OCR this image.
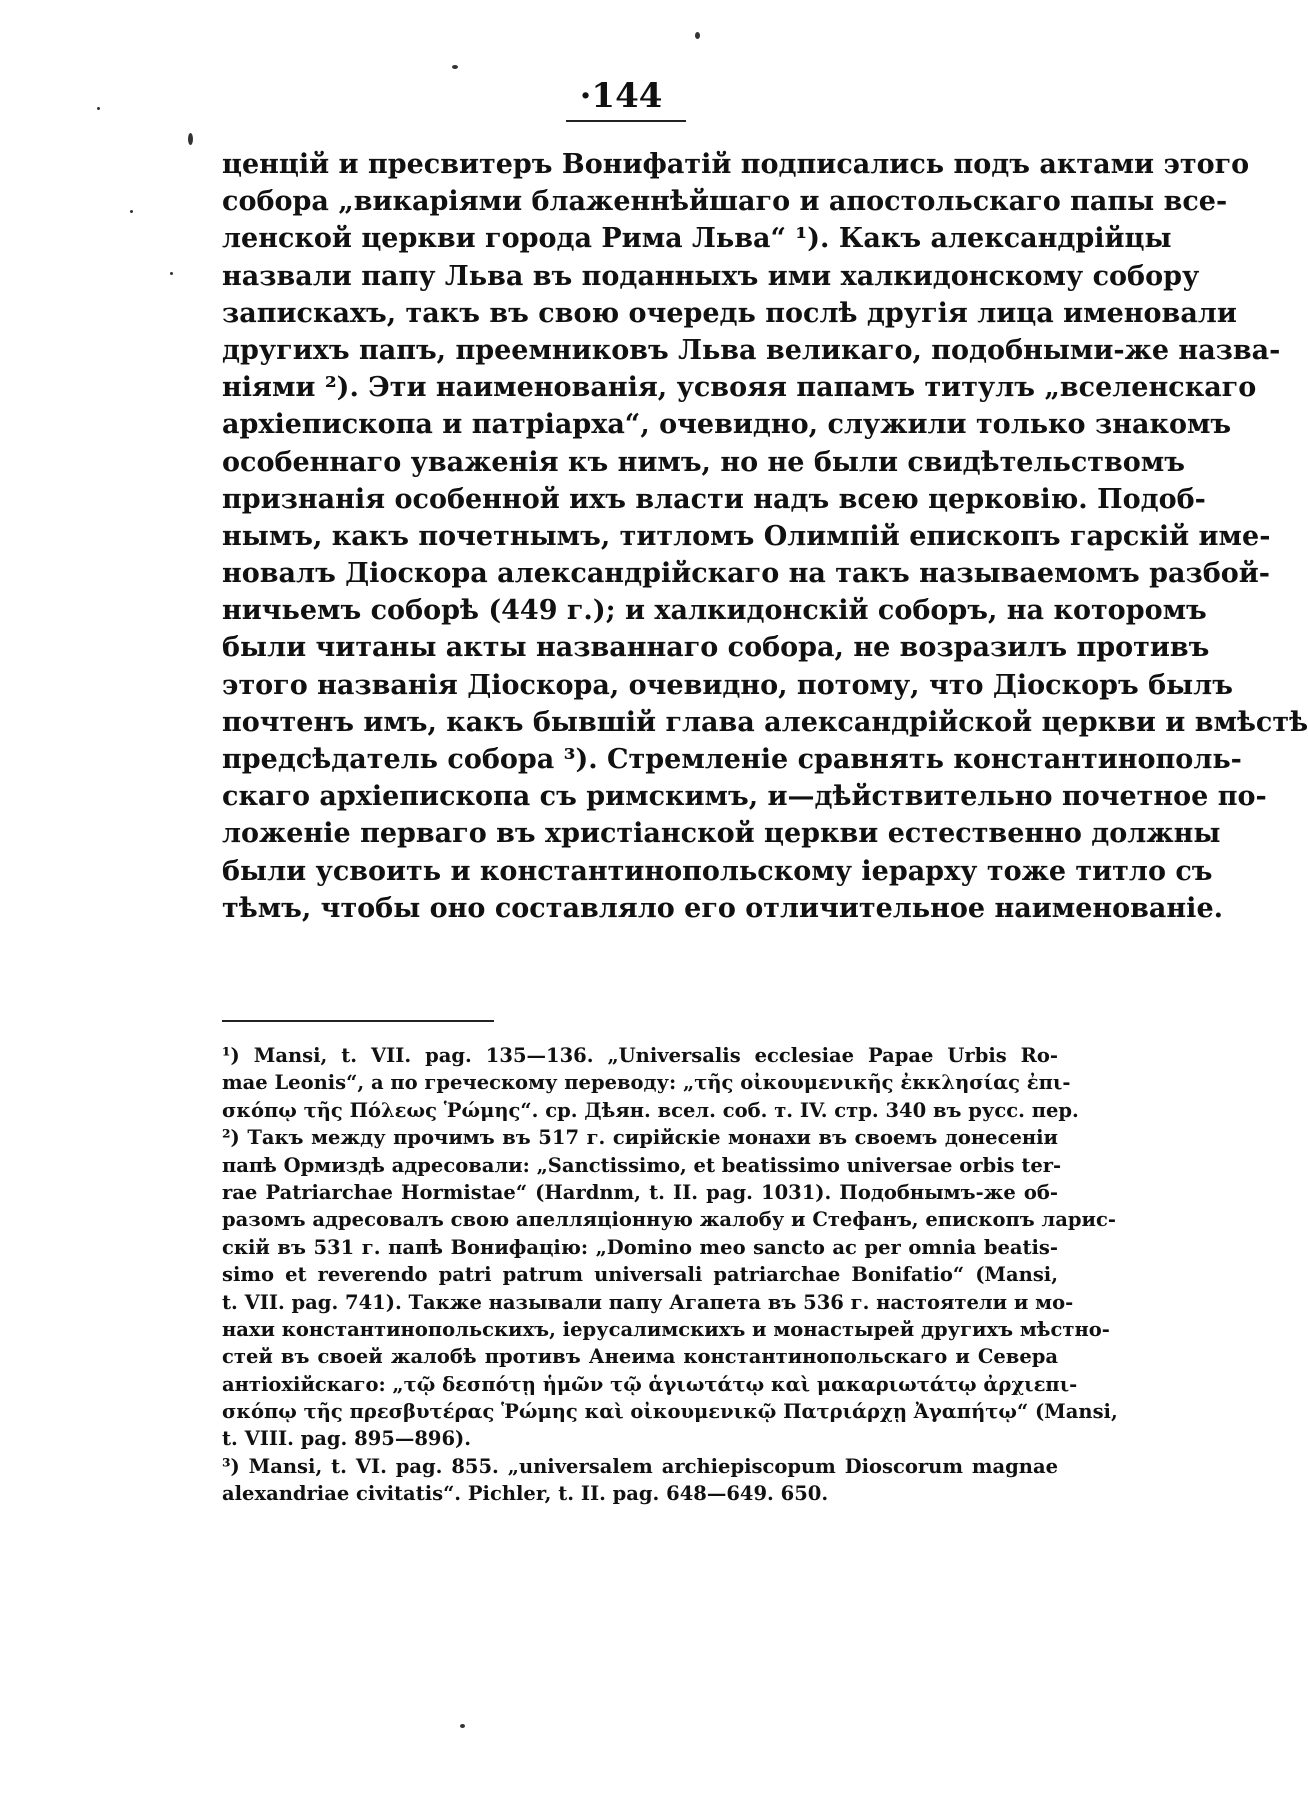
·144
ценцій и пресвитеръ Вонифатій подписались подъ актами этого
собора „викаріями блаженнѣйшаго и апостольскаго папы все-
ленской церкви города Рима Льва“ ¹). Какъ александрійцы
назвали папу Льва въ поданныхъ ими халкидонскому собору
запискахъ, такъ въ свою очередь послѣ другія лица именовали
другихъ папъ, преемниковъ Льва великаго, подобными-же назва-
ніями ²). Эти наименованія, усвояя папамъ титулъ „вселенскаго
архіепископа и патріарха“, очевидно, служили только знакомъ
особеннаго уваженія къ нимъ, но не были свидѣтельствомъ
признанія особенной ихъ власти надъ всею церковію. Подоб-
нымъ, какъ почетнымъ, титломъ Олимпій епископъ гарскій име-
новалъ Діоскора александрійскаго на такъ называемомъ разбой-
ничьемъ соборѣ (449 г.); и халкидонскій соборъ, на которомъ
были читаны акты названнаго собора, не возразилъ противъ
этого названія Діоскора, очевидно, потому, что Діоскоръ былъ
почтенъ имъ, какъ бывшій глава александрійской церкви и вмѣстѣ
предсѣдатель собора ³). Стремленіе сравнять константинополь-
скаго архіепископа съ римскимъ, и—дѣйствительно почетное по-
ложеніе перваго въ христіанской церкви естественно должны
были усвоить и константинопольскому іерарху тоже титло съ
тѣмъ, чтобы оно составляло его отличительное наименованіе.
¹) Mansi, t. VII. pag. 135—136. „Universalis ecclesiae Papae Urbis Ro-
mae Leonis“, а по греческому переводу: „τῆς οἰκουμενικῆς ἐκκλησίας ἐπι-
σκόπῳ τῆς Πόλεως Ῥώμης“. ср. Дѣян. всел. соб. т. IV. стр. 340 въ русс. пер.
²) Такъ между прочимъ въ 517 г. сирійскіе монахи въ своемъ донесеніи
папѣ Ормиздѣ адресовали: „Sanctissimo, et beatissimo universae orbis ter-
rae Patriarchae Hormistae“ (Hardnm, t. II. pag. 1031). Подобнымъ-же об-
разомъ адресовалъ свою апелляціонную жалобу и Стефанъ, епископъ ларис-
скій въ 531 г. папѣ Вонифацію: „Domino meo sancto ac per omnia beatis-
simo et reverendo patri patrum universali patriarchae Bonifatio“ (Mansi,
t. VII. pag. 741). Также называли папу Агапета въ 536 г. настоятели и мо-
нахи константинопольскихъ, іерусалимскихъ и монастырей другихъ мѣстно-
стей въ своей жалобѣ противъ Анеима константинопольскаго и Севера
антіохійскаго: „τῷ δεσπότῃ ἡμῶν τῷ ἁγιωτάτῳ καὶ μακαριωτάτῳ ἀρχιεπι-
σκόπῳ τῆς πρεσβυτέρας Ῥώμης καὶ οἰκουμενικῷ Πατριάρχῃ Ἀγαπήτῳ“ (Mansi,
t. VIII. pag. 895—896).
³) Mansi, t. VI. pag. 855. „universalem archiepiscopum Dioscorum magnae
alexandriae civitatis“. Pichler, t. II. pag. 648—649. 650.
